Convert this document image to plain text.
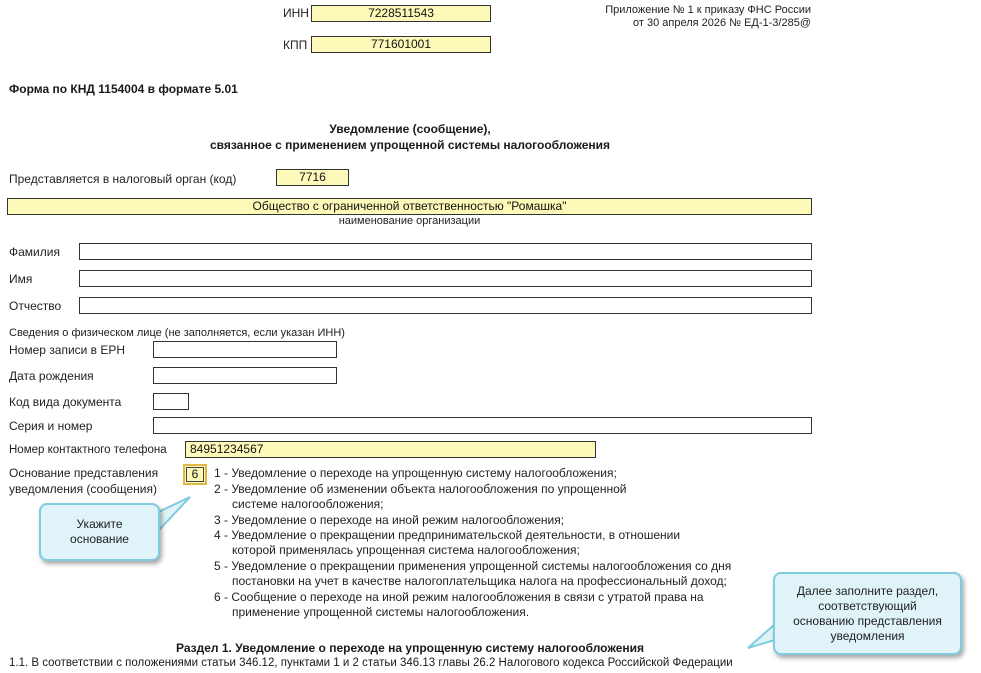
ИНН	7228511543
КПП	771601001
Приложение № 1 к приказу ФНС России
от 30 апреля 2026 № ЕД-1-3/285@
Форма по КНД 1154004 в формате 5.01
Уведомление (сообщение),
связанное с применением упрощенной системы налогообложения
Представляется в налоговый орган (код)	7716
Общество с ограниченной ответственностью "Ромашка"
наименование организации
Фамилия
Имя
Отчество
Сведения о физическом лице (не заполняется, если указан ИНН)
Номер записи в ЕРН
Дата рождения
Код вида документа
Серия и номер
Номер контактного телефона	84951234567
Основание представления
уведомления (сообщения)
6	1 - Уведомление о переходе на упрощенную систему налогообложения;
2 - Уведомление об изменении объекта налогообложения по упрощенной
системе налогообложения;
3 - Уведомление о переходе на иной режим налогообложения;
4 - Уведомление о прекращении предпринимательской деятельности, в отношении
которой применялась упрощенная система налогообложения;
5 - Уведомление о прекращении применения упрощенной системы налогообложения со дня
постановки на учет в качестве налогоплательщика налога на профессиональный доход;
6 - Сообщение о переходе на иной режим налогообложения в связи с утратой права на
применение упрощенной системы налогообложения.
Укажите
основание
Далее заполните раздел,
соответствующий
основанию представления
уведомления
Раздел 1. Уведомление о переходе на упрощенную систему налогообложения
1.1. В соответствии с положениями статьи 346.12, пунктами 1 и 2 статьи 346.13 главы 26.2 Налогового кодекса Российской Федерации
